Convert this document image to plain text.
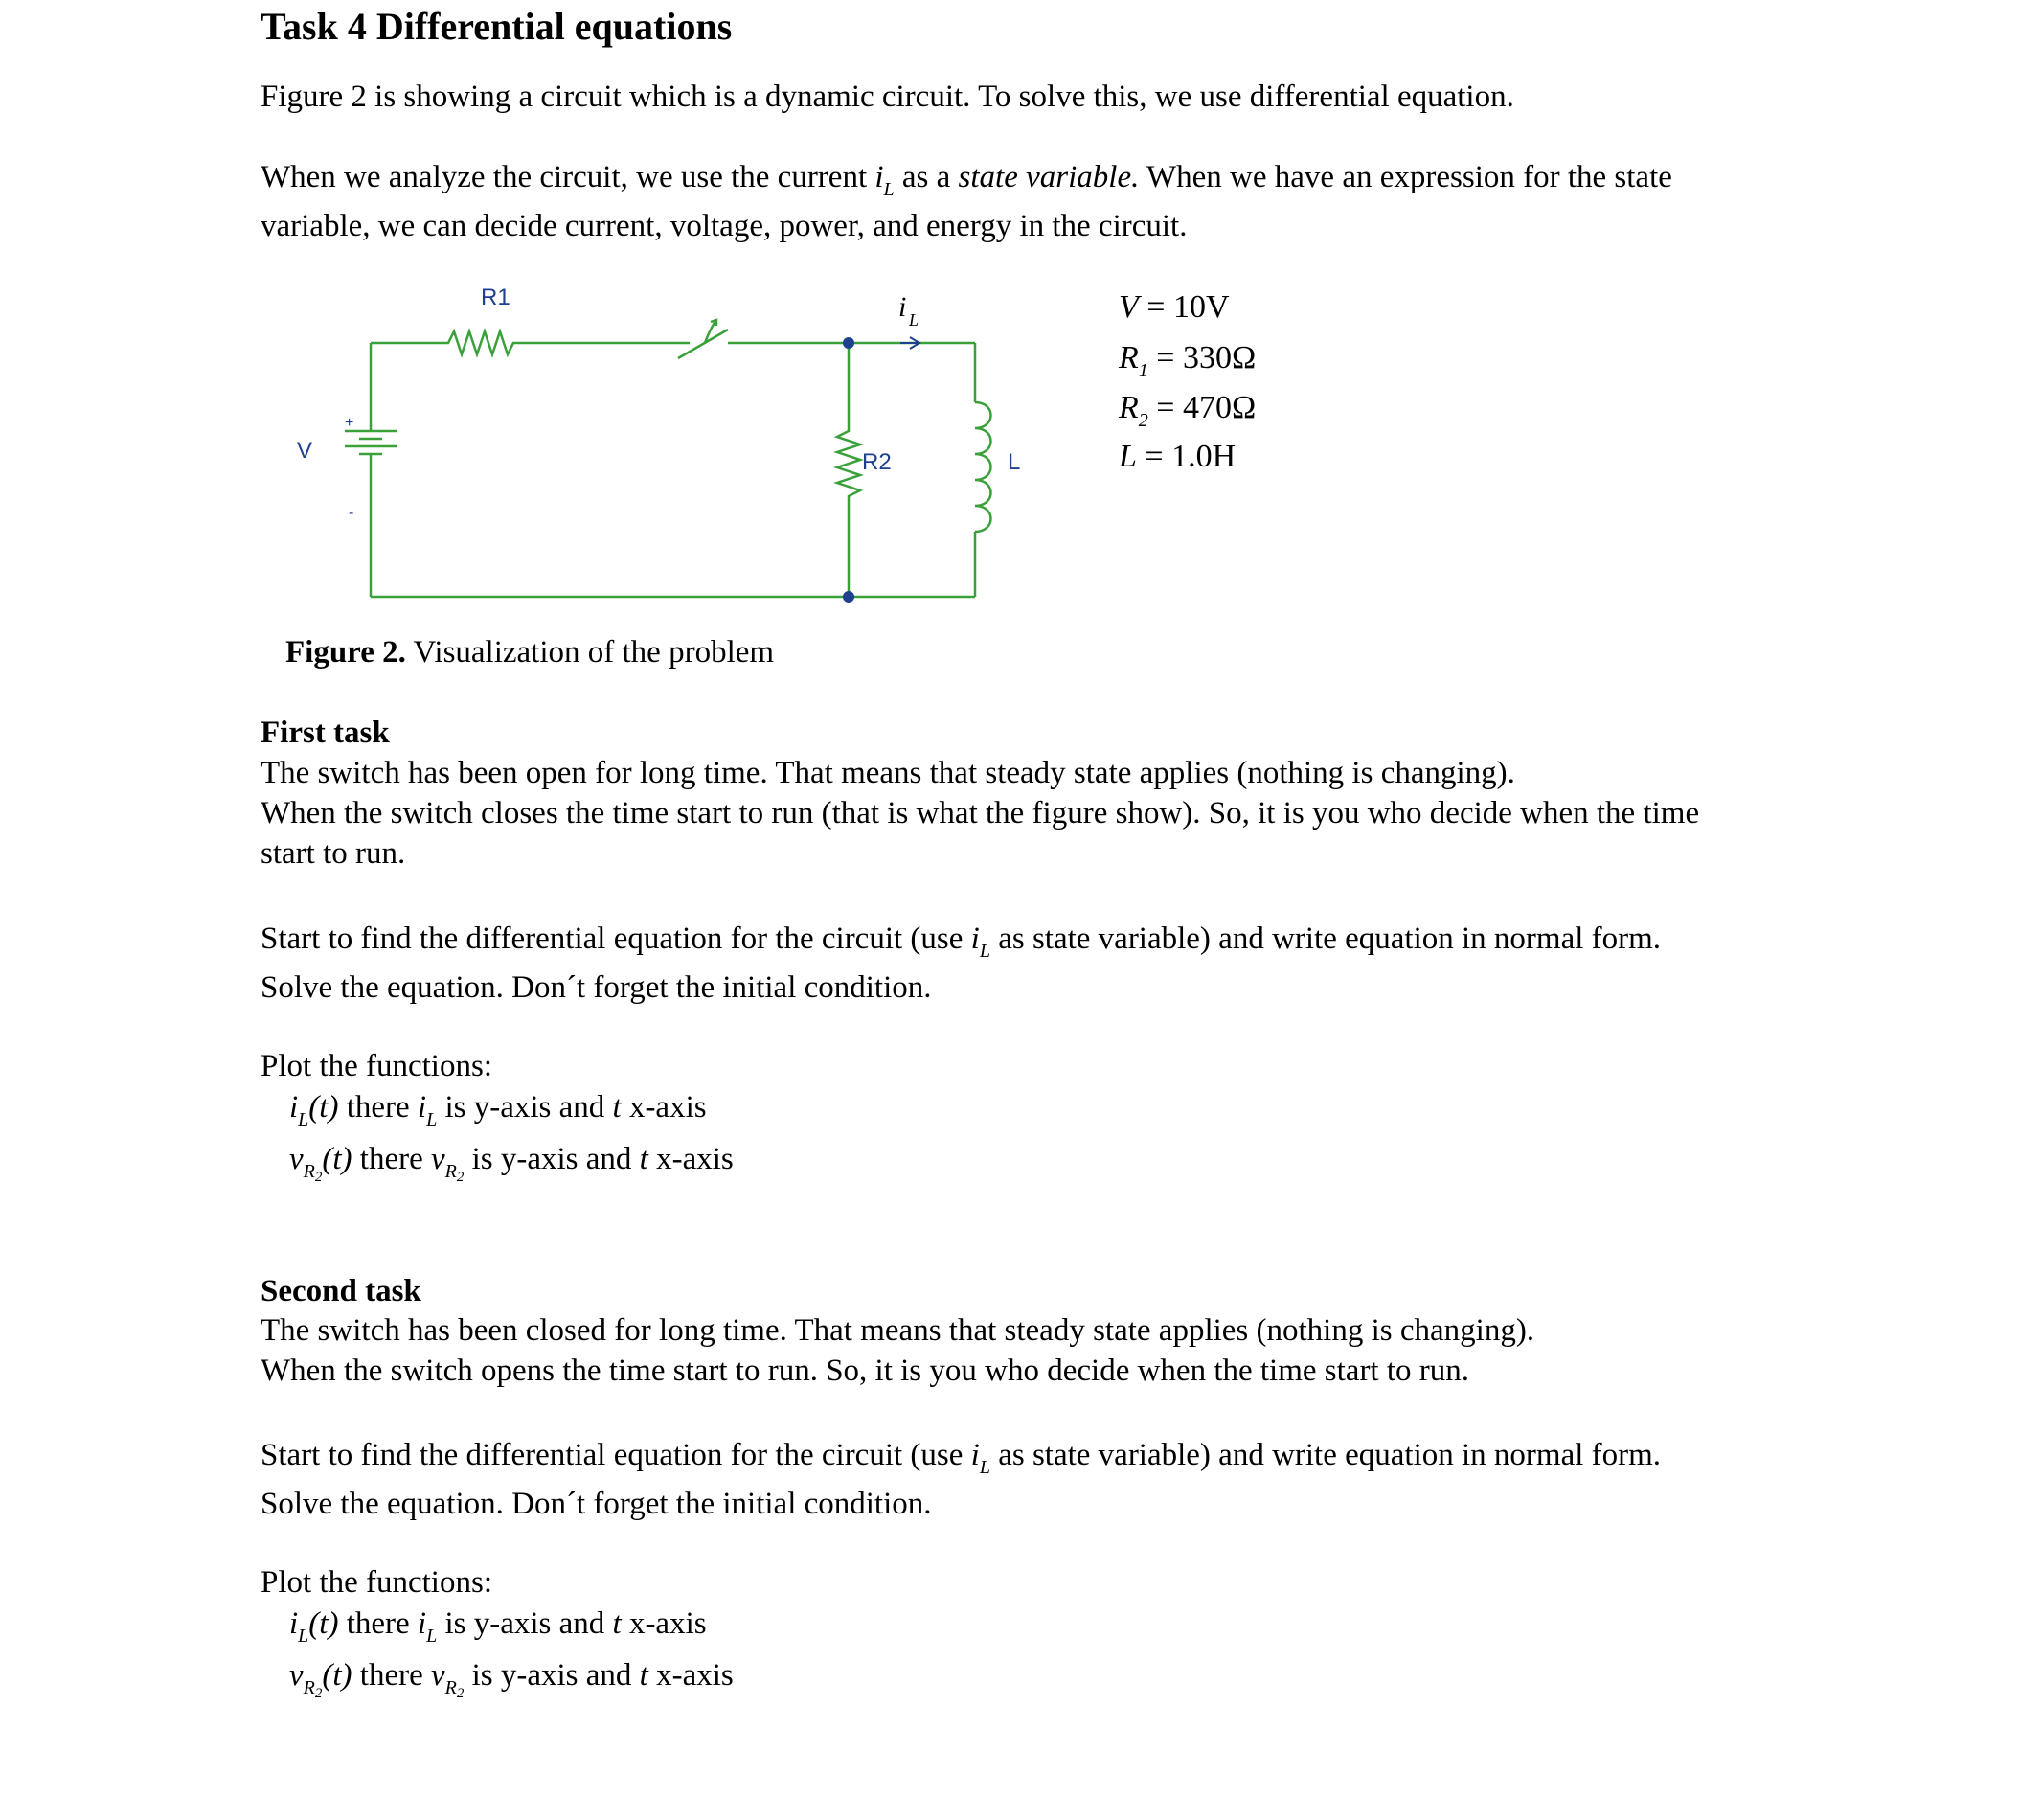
Task 4 Differential equations
Figure 2 is showing a circuit which is a dynamic circuit. To solve this, we use differential equation.
When we analyze the circuit, we use the current $i_L$ as a state variable. When we have an expression for the state
variable, we can decide current, voltage, power, and energy in the circuit.
R1
R2	L
V
+
-
i L	V = 10V
$R_1 = 330\Omega$
$R_2 = 470\Omega$
L = 1.0H
Figure 2. Visualization of the problem
First task
The switch has been open for long time. That means that steady state applies (nothing is changing).
When the switch closes the time start to run (that is what the figure show). So, it is you who decide when the time
start to run.
Start to find the differential equation for the circuit (use $i_L$ as state variable) and write equation in normal form.
Solve the equation. Don´t forget the initial condition.
Plot the functions:
$i_L(t)$ there $i_L$ is y-axis and t x-axis
$v_{R2}(t)$ there $v_{R2}$ is y-axis and t x-axis
Second task
The switch has been closed for long time. That means that steady state applies (nothing is changing).
When the switch opens the time start to run. So, it is you who decide when the time start to run.
Start to find the differential equation for the circuit (use $i_L$ as state variable) and write equation in normal form.
Solve the equation. Don´t forget the initial condition.
Plot the functions:
$i_L(t)$ there $i_L$ is y-axis and t x-axis
$v_{R2}(t)$ there $v_{R2}$ is y-axis and t x-axis
